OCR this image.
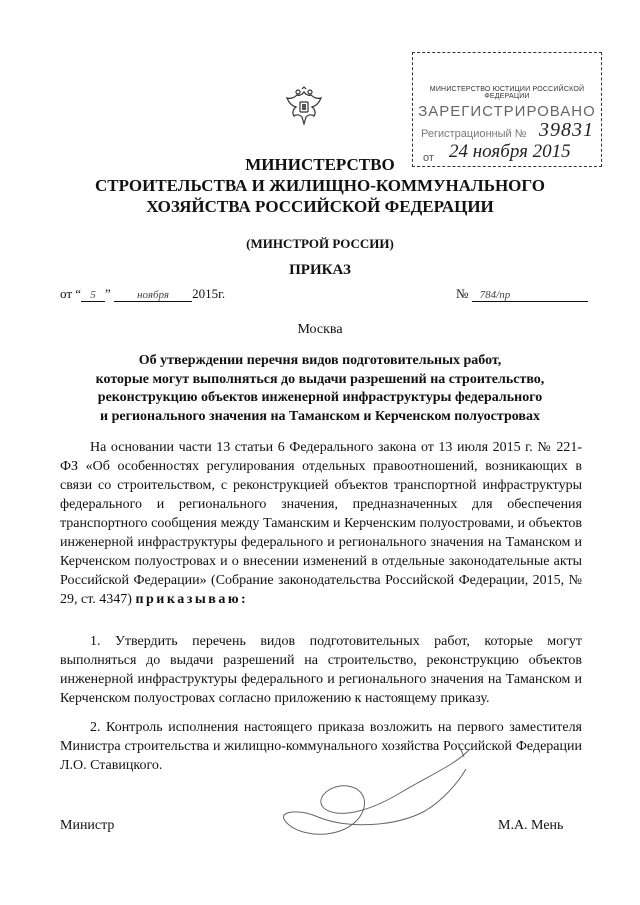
МИНИСТЕРСТВО ЮСТИЦИИ РОССИЙСКОЙ ФЕДЕРАЦИИ
ЗАРЕГИСТРИРОВАНО
Регистрационный № 39831
от 24 ноября 2015
МИНИСТЕРСТВО
СТРОИТЕЛЬСТВА И ЖИЛИЩНО-КОММУНАЛЬНОГО
ХОЗЯЙСТВА РОССИЙСКОЙ ФЕДЕРАЦИИ
(МИНСТРОЙ РОССИИ)
ПРИКАЗ
от “ 5 ” ноября 2015г.	№ 784/пр
Москва
Об утверждении перечня видов подготовительных работ,
которые могут выполняться до выдачи разрешений на строительство,
реконструкцию объектов инженерной инфраструктуры федерального
и регионального значения на Таманском и Керченском полуостровах
На основании части 13 статьи 6 Федерального закона от 13 июля 2015 г. № 221-ФЗ «Об особенностях регулирования отдельных правоотношений, возникающих в связи со строительством, с реконструкцией объектов транспортной инфраструктуры федерального и регионального значения, предназначенных для обеспечения транспортного сообщения между Таманским и Керченским полуостровами, и объектов инженерной инфраструктуры федерального и регионального значения на Таманском и Керченском полуостровах и о внесении изменений в отдельные законодательные акты Российской Федерации» (Собрание законодательства Российской Федерации, 2015, № 29, ст. 4347) приказываю:
1. Утвердить перечень видов подготовительных работ, которые могут выполняться до выдачи разрешений на строительство, реконструкцию объектов инженерной инфраструктуры федерального и регионального значения на Таманском и Керченском полуостровах согласно приложению к настоящему приказу.
2. Контроль исполнения настоящего приказа возложить на первого заместителя Министра строительства и жилищно-коммунального хозяйства Российской Федерации Л.О. Ставицкого.
Министр	М.А. Мень
